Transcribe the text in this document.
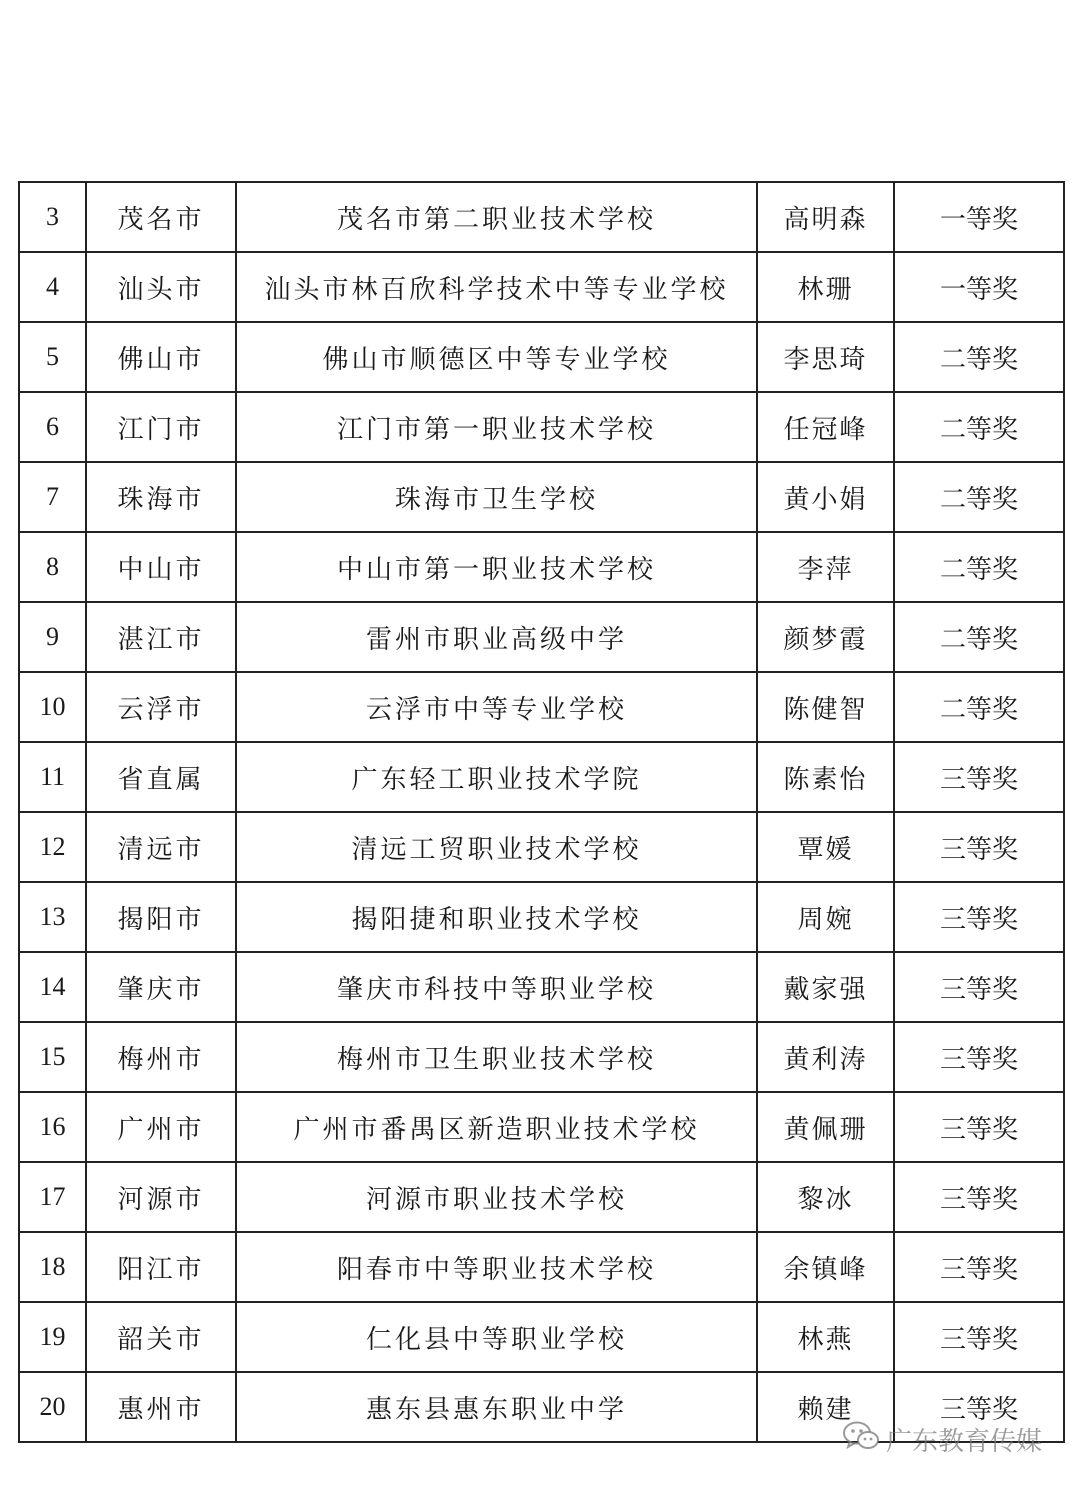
3	茂名市	茂名市第二职业技术学校	高明森	一等奖
4	汕头市	汕头市林百欣科学技术中等专业学校	林珊	一等奖
5	佛山市	佛山市顺德区中等专业学校	李思琦	二等奖
6	江门市	江门市第一职业技术学校	任冠峰	二等奖
7	珠海市	珠海市卫生学校	黄小娟	二等奖
8	中山市	中山市第一职业技术学校	李萍	二等奖
9	湛江市	雷州市职业高级中学	颜梦霞	二等奖
10	云浮市	云浮市中等专业学校	陈健智	二等奖
11	省直属	广东轻工职业技术学院	陈素怡	三等奖
12	清远市	清远工贸职业技术学校	覃媛	三等奖
13	揭阳市	揭阳捷和职业技术学校	周婉	三等奖
14	肇庆市	肇庆市科技中等职业学校	戴家强	三等奖
15	梅州市	梅州市卫生职业技术学校	黄利涛	三等奖
16	广州市	广州市番禺区新造职业技术学校	黄佩珊	三等奖
17	河源市	河源市职业技术学校	黎冰	三等奖
18	阳江市	阳春市中等职业技术学校	余镇峰	三等奖
19	韶关市	仁化县中等职业学校	林燕	三等奖
20	惠州市	惠东县惠东职业中学	赖建	三等奖
广东教育传媒
